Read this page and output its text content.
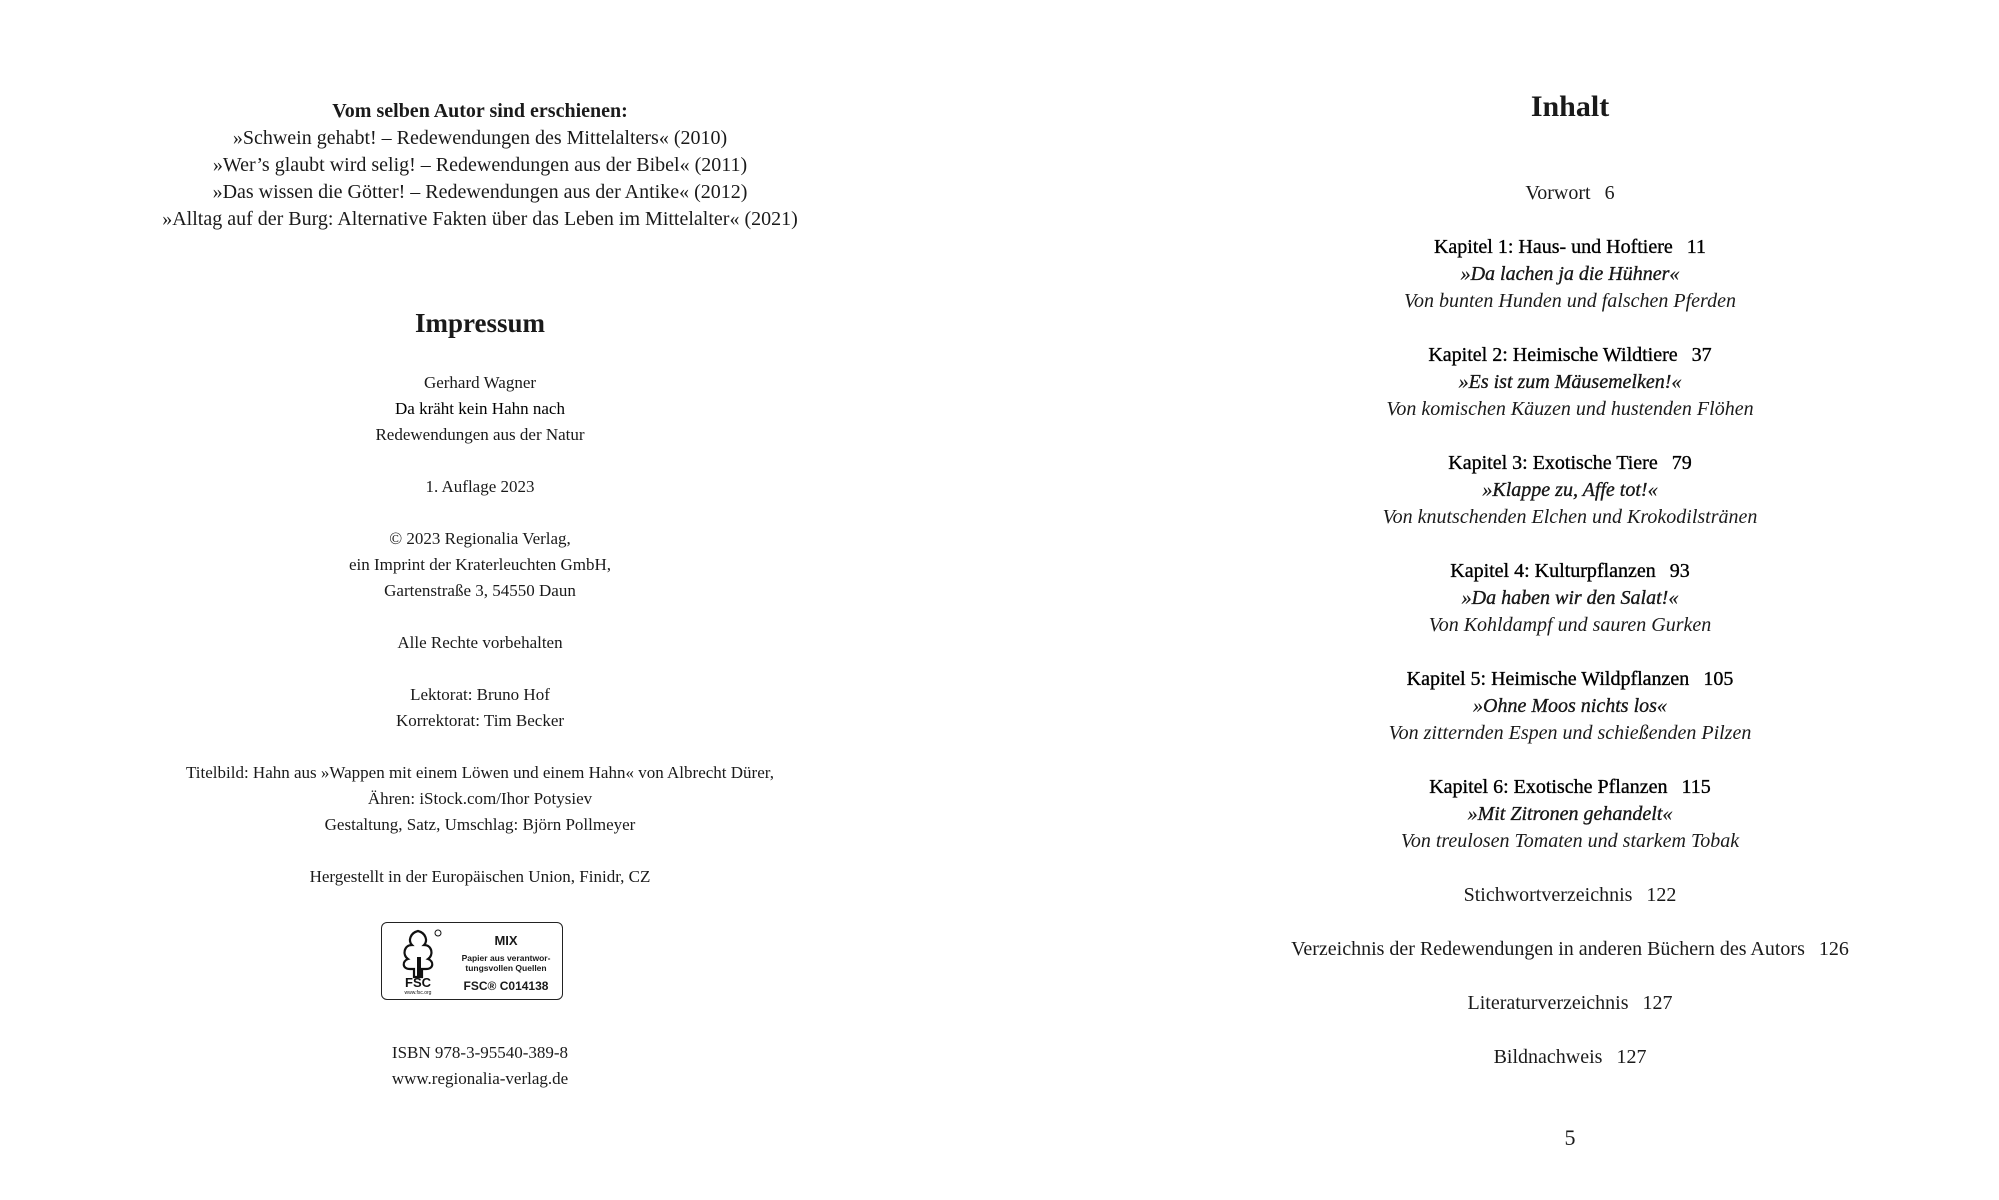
Vom selben Autor sind erschienen:
»Schwein gehabt! – Redewendungen des Mittelalters« (2010)
»Wer’s glaubt wird selig! – Redewendungen aus der Bibel« (2011)
»Das wissen die Götter! – Redewendungen aus der Antike« (2012)
»Alltag auf der Burg: Alternative Fakten über das Leben im Mittelalter« (2021)
Impressum
Gerhard Wagner
Da kräht kein Hahn nach
Redewendungen aus der Natur
1. Auflage 2023
© 2023 Regionalia Verlag,
ein Imprint der Kraterleuchten GmbH,
Gartenstraße 3, 54550 Daun
Alle Rechte vorbehalten
Lektorat: Bruno Hof
Korrektorat: Tim Becker
Titelbild: Hahn aus »Wappen mit einem Löwen und einem Hahn« von Albrecht Dürer,
Ähren: iStock.com/Ihor Potysiev
Gestaltung, Satz, Umschlag: Björn Pollmeyer
Hergestellt in der Europäischen Union, Finidr, CZ
FSC
www.fsc.org
MIX
Papier aus verantwor-
tungsvollen Quellen
FSC® C014138
ISBN 978-3-95540-389-8
www.regionalia-verlag.de
Inhalt
Vorwort 6
Kapitel 1: Haus- und Hoftiere 11
»Da lachen ja die Hühner«
Von bunten Hunden und falschen Pferden
Kapitel 2: Heimische Wildtiere 37
»Es ist zum Mäusemelken!«
Von komischen Käuzen und hustenden Flöhen
Kapitel 3: Exotische Tiere 79
»Klappe zu, Affe tot!«
Von knutschenden Elchen und Krokodilstränen
Kapitel 4: Kulturpflanzen 93
»Da haben wir den Salat!«
Von Kohldampf und sauren Gurken
Kapitel 5: Heimische Wildpflanzen 105
»Ohne Moos nichts los«
Von zitternden Espen und schießenden Pilzen
Kapitel 6: Exotische Pflanzen 115
»Mit Zitronen gehandelt«
Von treulosen Tomaten und starkem Tobak
Stichwortverzeichnis 122
Verzeichnis der Redewendungen in anderen Büchern des Autors 126
Literaturverzeichnis 127
Bildnachweis 127
5
